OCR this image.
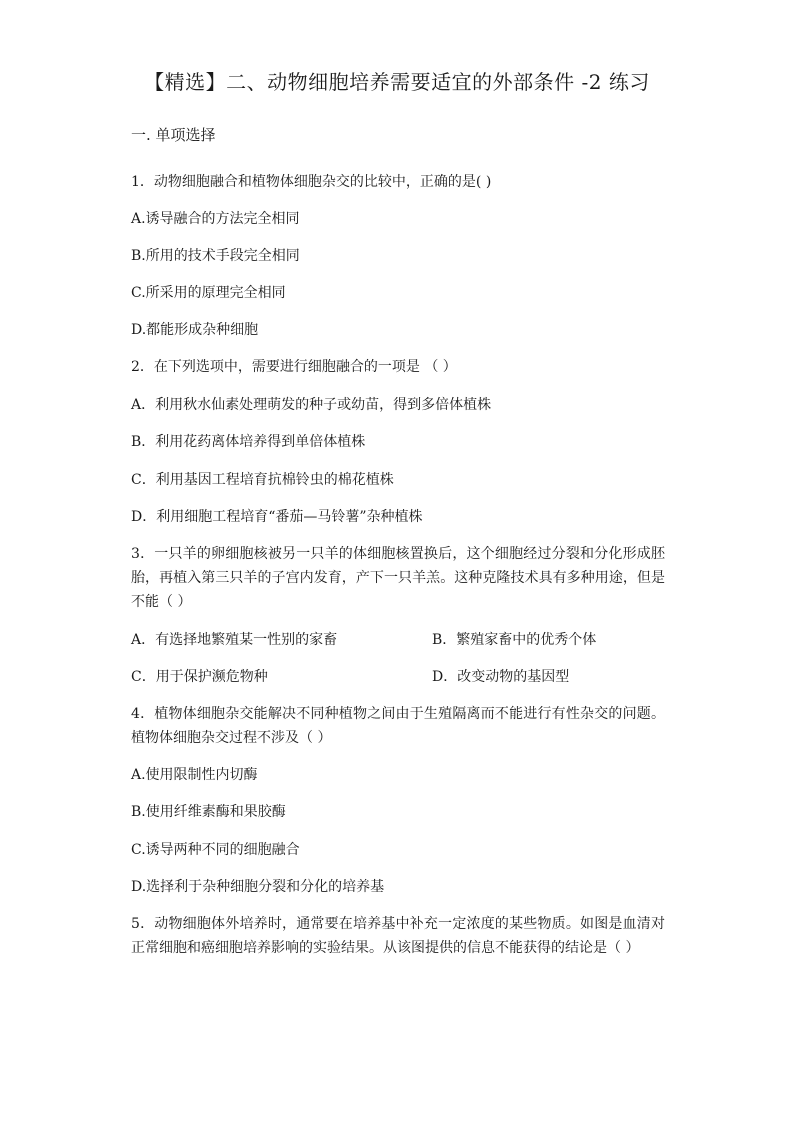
【精选】二、动物细胞培养需要适宜的外部条件 -2 练习
一. 单项选择
1．动物细胞融合和植物体细胞杂交的比较中，正确的是( )
A.诱导融合的方法完全相同
B.所用的技术手段完全相同
C.所采用的原理完全相同
D.都能形成杂种细胞
2．在下列选项中，需要进行细胞融合的一项是 （ ）
A．利用秋水仙素处理萌发的种子或幼苗，得到多倍体植株
B．利用花药离体培养得到单倍体植株
C．利用基因工程培育抗棉铃虫的棉花植株
D．利用细胞工程培育“番茄—马铃薯”杂种植株
3．一只羊的卵细胞核被另一只羊的体细胞核置换后，这个细胞经过分裂和分化形成胚胎，再植入第三只羊的子宫内发育，产下一只羊羔。这种克隆技术具有多种用途，但是不能（ ）
A．有选择地繁殖某一性别的家畜	B．繁殖家畜中的优秀个体
C．用于保护濒危物种	D．改变动物的基因型
4．植物体细胞杂交能解决不同种植物之间由于生殖隔离而不能进行有性杂交的问题。植物体细胞杂交过程不涉及（ ）
A.使用限制性内切酶
B.使用纤维素酶和果胶酶
C.诱导两种不同的细胞融合
D.选择利于杂种细胞分裂和分化的培养基
5．动物细胞体外培养时，通常要在培养基中补充一定浓度的某些物质。如图是血清对正常细胞和癌细胞培养影响的实验结果。从该图提供的信息不能获得的结论是（ ）
